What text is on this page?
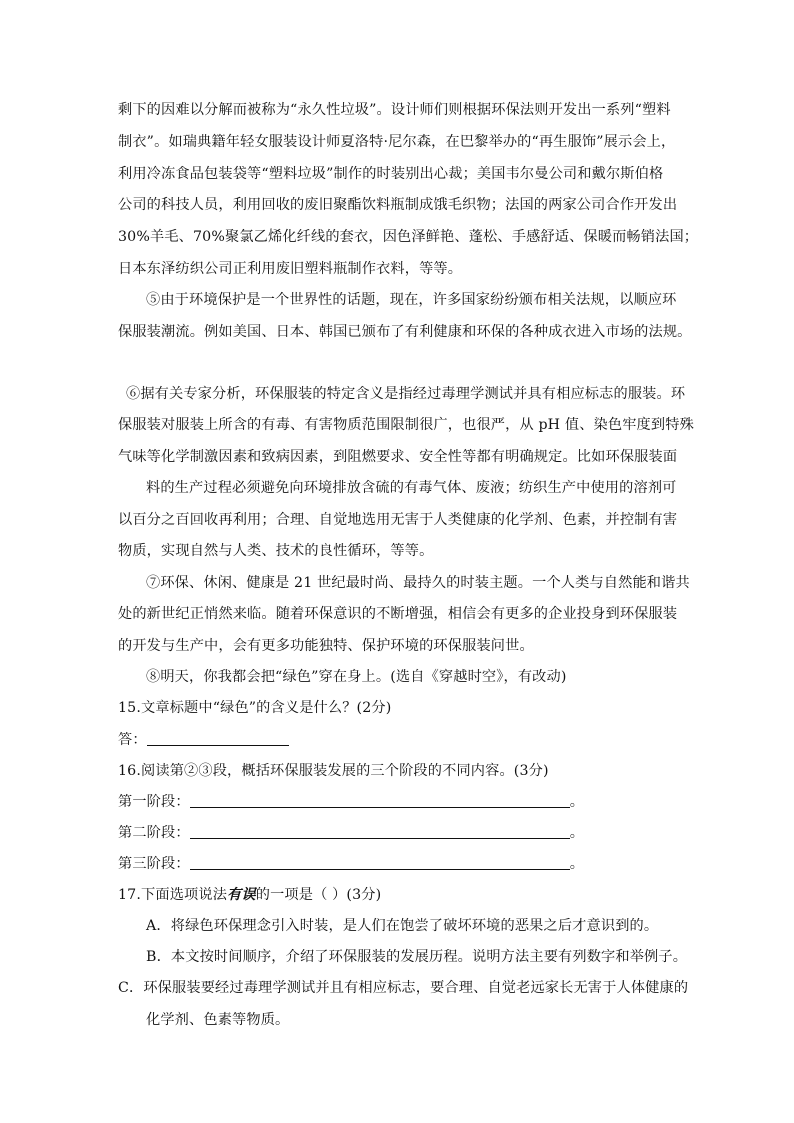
剩下的因难以分解而被称为“永久性垃圾”。设计师们则根据环保法则开发出一系列“塑料
制衣”。如瑞典籍年轻女服装设计师夏洛特·尼尔森，在巴黎举办的“再生服饰”展示会上，
利用冷冻食品包装袋等“塑料垃圾”制作的时装别出心裁；美国韦尔曼公司和戴尔斯伯格
公司的科技人员，利用回收的废旧聚酯饮料瓶制成饿毛织物；法国的两家公司合作开发出
30%羊毛、70%聚氯乙烯化纤线的套衣，因色泽鲜艳、蓬松、手感舒适、保暖而畅销法国；
日本东泽纺织公司正利用废旧塑料瓶制作衣料，等等。
⑤由于环境保护是一个世界性的话题，现在，许多国家纷纷颁布相关法规，以顺应环
保服装潮流。例如美国、日本、韩国已颁布了有利健康和环保的各种成衣进入市场的法规。
⑥据有关专家分析，环保服装的特定含义是指经过毒理学测试并具有相应标志的服装。环
保服装对服装上所含的有毒、有害物质范围限制很广，也很严，从 pH 值、染色牢度到特殊
气味等化学制激因素和致病因素，到阻燃要求、安全性等都有明确规定。比如环保服装面
料的生产过程必须避免向环境排放含硫的有毒气体、废液；纺织生产中使用的溶剂可
以百分之百回收再利用；合理、自觉地选用无害于人类健康的化学剂、色素，并控制有害
物质，实现自然与人类、技术的良性循环，等等。
⑦环保、休闲、健康是 21 世纪最时尚、最持久的时装主题。一个人类与自然能和谐共
处的新世纪正悄然来临。随着环保意识的不断增强，相信会有更多的企业投身到环保服装
的开发与生产中，会有更多功能独特、保护环境的环保服装问世。
⑧明天，你我都会把“绿色”穿在身上。(选自《穿越时空》，有改动)
15.文章标题中“绿色”的含义是什么？(2分)
答：
16.阅读第②③段，概括环保服装发展的三个阶段的不同内容。(3分)
第一阶段：	。
第二阶段：	。
第三阶段：	。
17.下面选项说法有误的一项是（ ）(3分)
A．将绿色环保理念引入时装，是人们在饱尝了破坏环境的恶果之后才意识到的。
B．本文按时间顺序，介绍了环保服装的发展历程。说明方法主要有列数字和举例子。
C．环保服装要经过毒理学测试并且有相应标志，要合理、自觉老远家长无害于人体健康的
化学剂、色素等物质。
